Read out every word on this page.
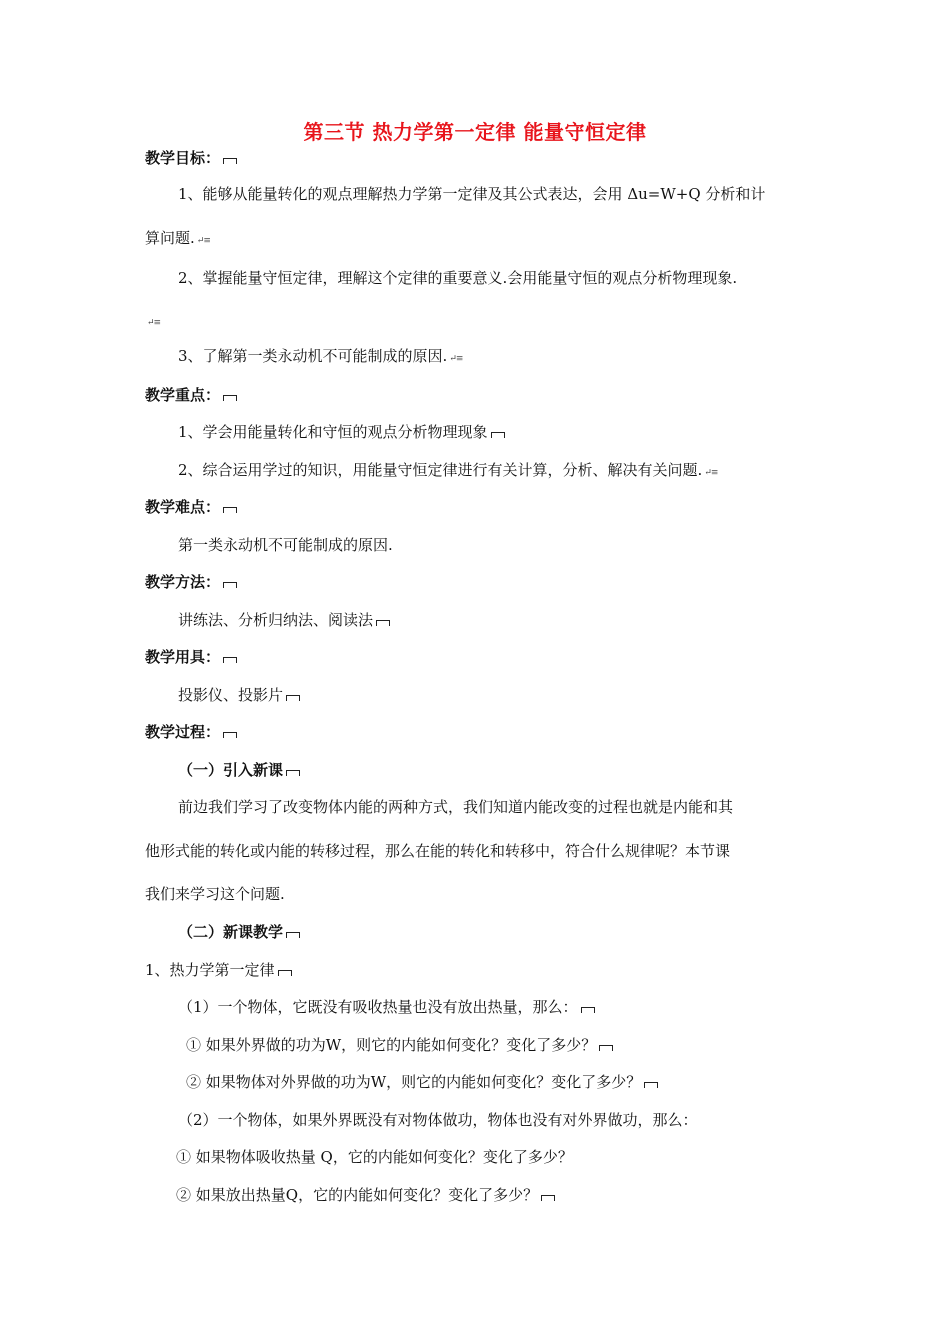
第三节 热力学第一定律 能量守恒定律
教学目标：
1、能够从能量转化的观点理解热力学第一定律及其公式表达，会用 Δu=W+Q 分析和计
算问题. ↵≡
2、掌握能量守恒定律，理解这个定律的重要意义.会用能量守恒的观点分析物理现象.
↵≡
3、了解第一类永动机不可能制成的原因. ↵≡
教学重点：
1、学会用能量转化和守恒的观点分析物理现象
2、综合运用学过的知识，用能量守恒定律进行有关计算，分析、解决有关问题. ↵≡
教学难点：
第一类永动机不可能制成的原因.
教学方法：
讲练法、分析归纳法、阅读法
教学用具：
投影仪、投影片
教学过程：
（一）引入新课
前边我们学习了改变物体内能的两种方式，我们知道内能改变的过程也就是内能和其
他形式能的转化或内能的转移过程，那么在能的转化和转移中，符合什么规律呢？本节课
我们来学习这个问题.
（二）新课教学
1、热力学第一定律
（1）一个物体，它既没有吸收热量也没有放出热量，那么：
① 如果外界做的功为W，则它的内能如何变化？变化了多少？
② 如果物体对外界做的功为W，则它的内能如何变化？变化了多少？
（2）一个物体，如果外界既没有对物体做功，物体也没有对外界做功，那么：
① 如果物体吸收热量 Q，它的内能如何变化？变化了多少？
② 如果放出热量Q，它的内能如何变化？变化了多少？
